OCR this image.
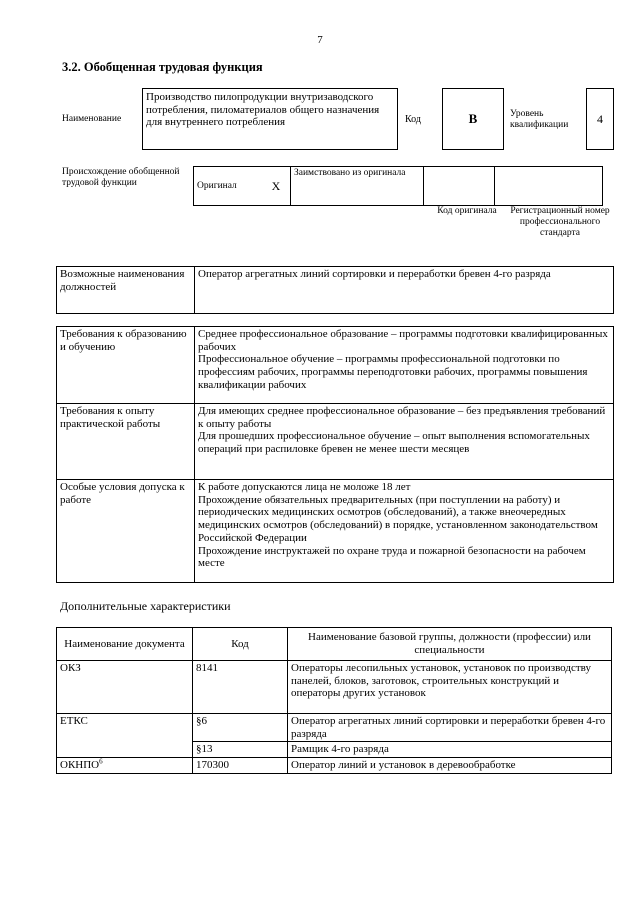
7
3.2. Обобщенная трудовая функция
Наименование
Производство пилопродукции внутризаводского потребления, пиломатериалов общего назначения для внутреннего потребления	Код	B	Уровень квалификации	4
Происхождение обобщенной трудовой функции	Оригинал	X	Заимствовано из оригинала		
Код оригинала	Регистрационный номер профессионального стандарта
Возможные наименования должностей	Оператор агрегатных линий сортировки и переработки бревен 4-го разряда
Требования к образованию и обучению	Среднее профессиональное образование – программы подготовки квалифицированных рабочих
Профессиональное обучение – программы профессиональной подготовки по профессиям рабочих, программы переподготовки рабочих, программы повышения квалификации рабочих

Требования к опыту практической работы	Для имеющих среднее профессиональное образование – без предъявления требований к опыту работы
Для прошедших профессиональное обучение – опыт выполнения вспомогательных операций при распиловке бревен не менее шести месяцев

Особые условия допуска к работе	К работе допускаются лица не моложе 18 лет
Прохождение обязательных предварительных (при поступлении на работу) и периодических медицинских осмотров (обследований), а также внеочередных медицинских осмотров (обследований) в порядке, установленном законодательством Российской Федерации
Прохождение инструктажей по охране труда и пожарной безопасности на рабочем месте
Дополнительные характеристики
Наименование документа	Код	Наименование базовой группы, должности (профессии) или специальности
ОКЗ	8141	Операторы лесопильных установок, установок по производству панелей, блоков, заготовок, строительных конструкций и операторы других установок
ЕТКС	§6	Оператор агрегатных линий сортировки и переработки бревен 4-го разряда
	§13	Рамщик 4-го разряда
ОКНПО$^6$	170300	Оператор линий и установок в деревообработке
